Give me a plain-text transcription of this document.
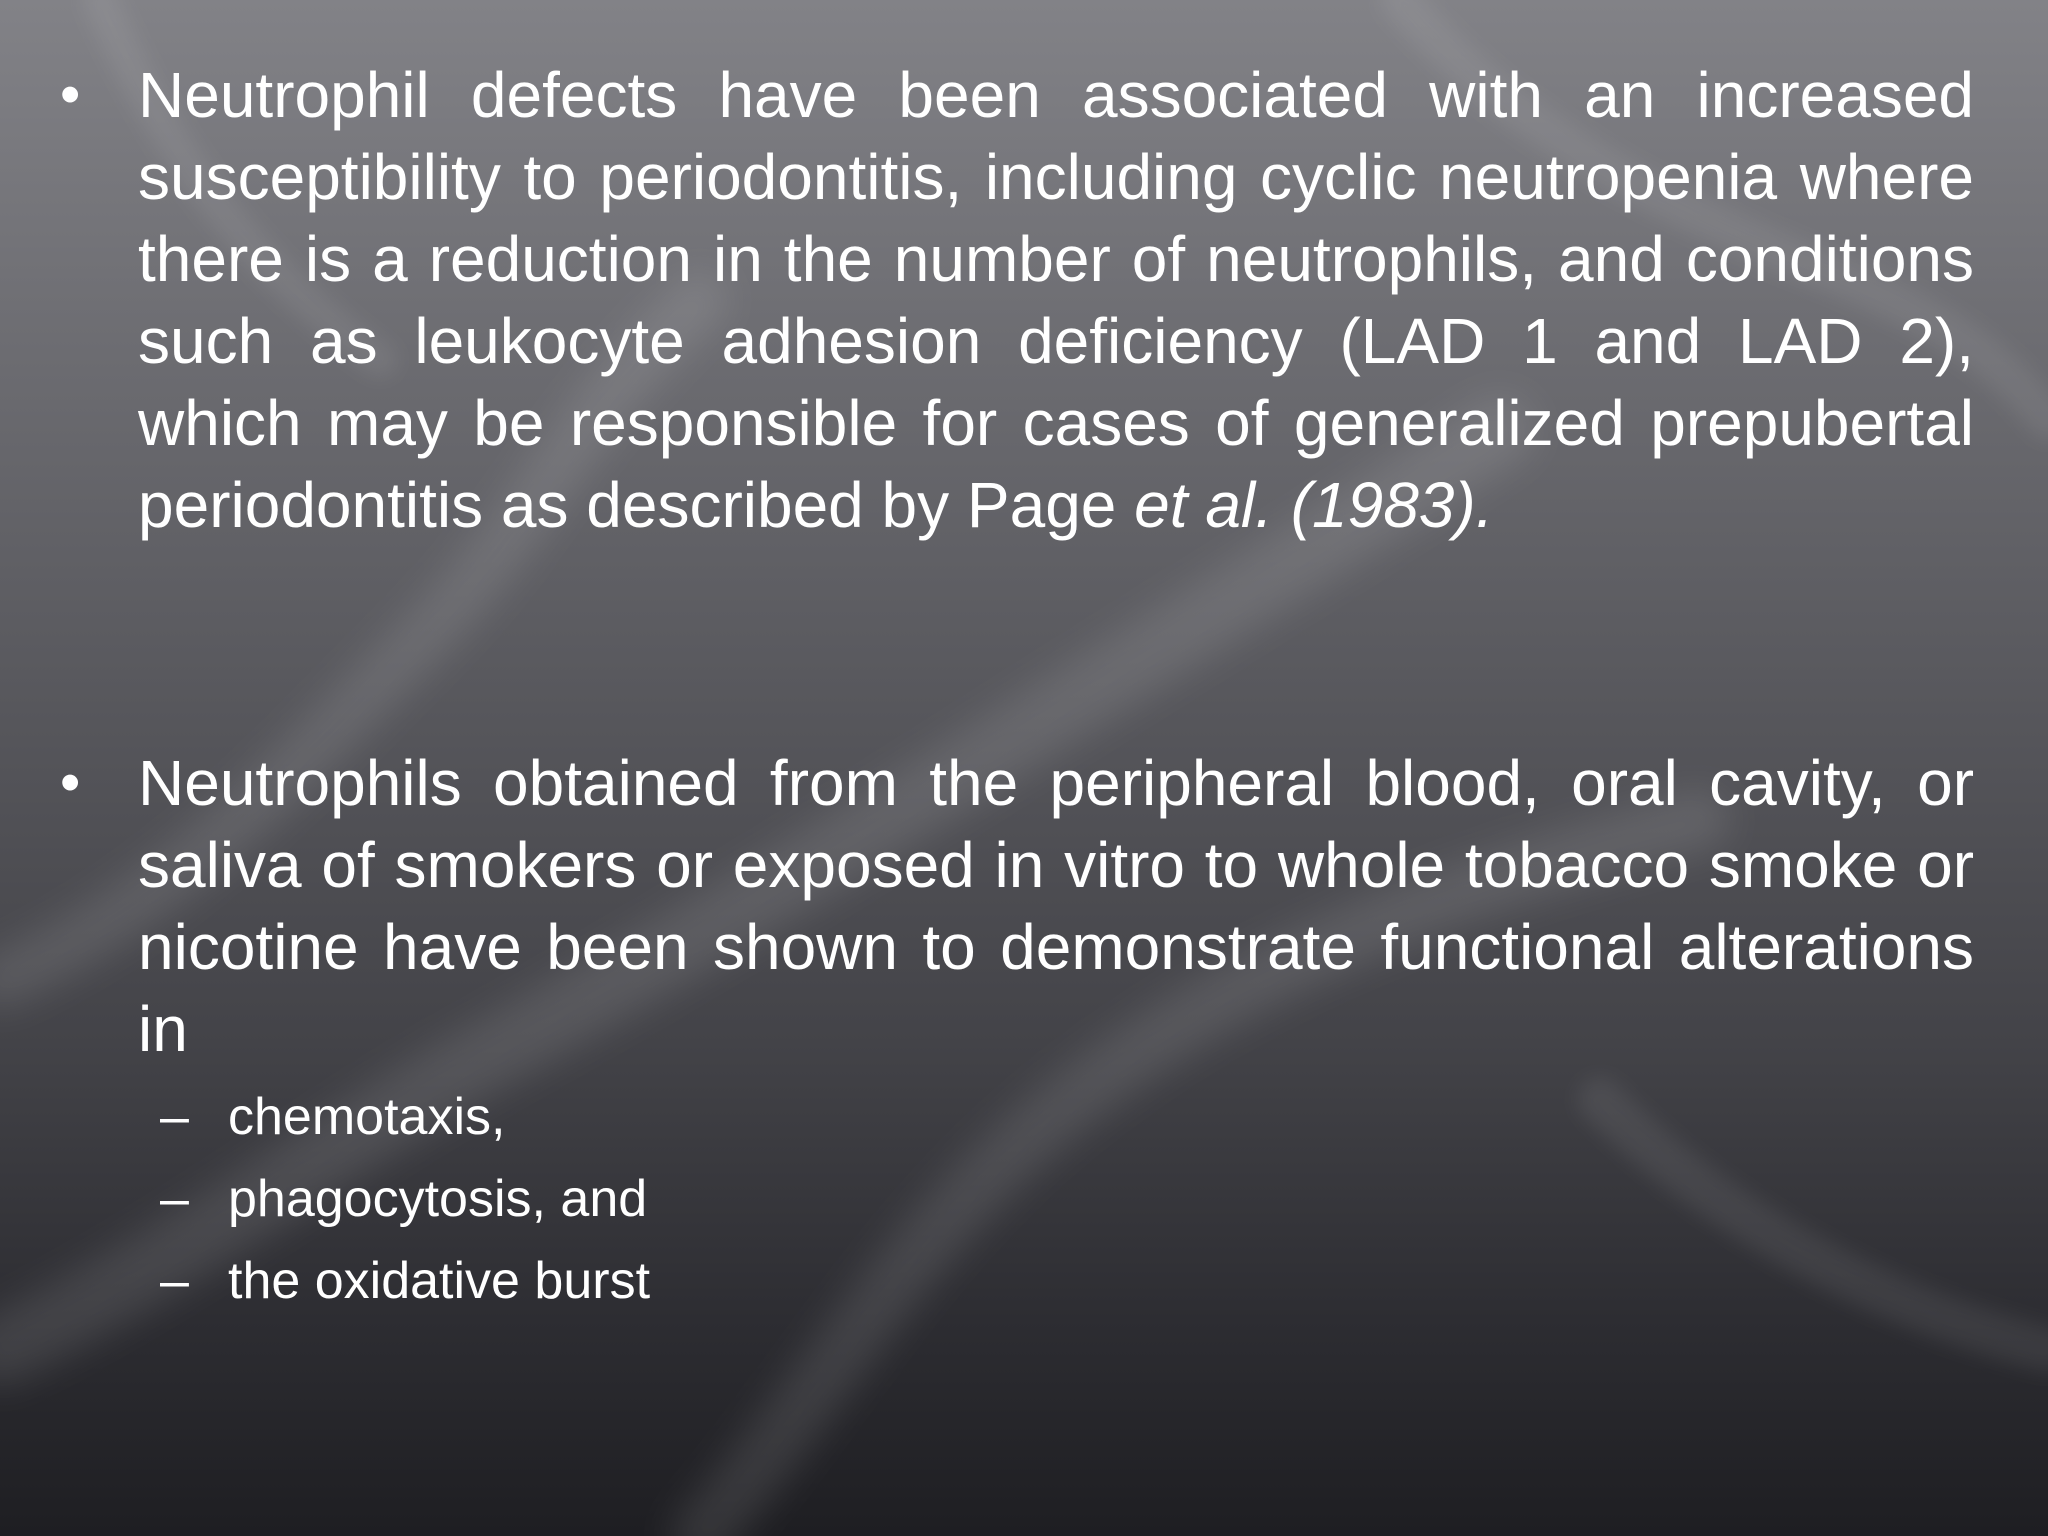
• Neutrophil defects have been associated with an increased susceptibility to periodontitis, including cyclic neutropenia where there is a reduction in the number of neutrophils, and conditions such as leukocyte adhesion deficiency (LAD 1 and LAD 2), which may be responsible for cases of generalized prepubertal periodontitis as described by Page et al. (1983).
• Neutrophils obtained from the peripheral blood, oral cavity, or saliva of smokers or exposed in vitro to whole tobacco smoke or nicotine have been shown to demonstrate functional alterations in
– chemotaxis,
– phagocytosis, and
– the oxidative burst
